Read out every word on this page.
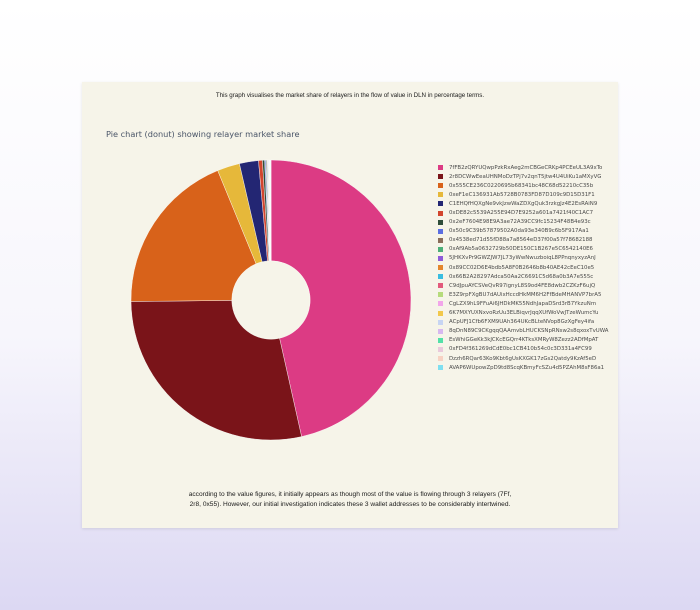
This graph visualises the market share of relayers in the flow of value in DLN in percentage terms.
Pie chart (donut) showing relayer market share
7fFB2zQRYUQwpPzkRxAeg2mCBGeCRKp4PCEeUL3A9xTo
2r8DCWwEeaUHNMoDzTPj7v2qnT5jtw4U4UiKu1aMXyVG
0x555CE236C0220695b68341bc48C68d52210cC35b
0xeF1eC136931Ab5728B0783FD87D109c9D15D31F1
C1EHQfHQXgNe9vkJzwWaZDXgQuk3rzkgJz4E2EsRAiN9
0xDE82c5539A255E94D7E9252a601a7421f40C1AC7
0x2eF7604E98E9A3ae72A39CC9fc15234F48B4e93c
0x50c9C39b57879502A0da93e340B9c6b5F917Aa1
0x4538ed71d55fD88a7a8564eD37f00a57f78682188
0xAf9Ab5a0632729b50DE150C1B267e5C6542140E6
5JHKXvPr9GWZJW7JL73yWwNwuzboiqL8PPnqnyxyzAnJ
0x89CC02D6E4bdb5A8F0B2646b8b40AE42cEeC10e5
0x66B2A28297Adca50Aa2C6691C5d68a0b3A7e555c
C9dJpuAYCSVeQvR97ignyL8S9od4FE8dwb2CZKzF6ujQ
E3Z9rpFXgBU7dAUixHccdHkMM6H2FfBdeMHANVP7brA5
CgLZX9hL9FFuAi6JHDkMK55NdhJapaDSrd3rB7YkzuNm
6K7MXYUXNxvoRzUu3ELBiqvrJqqXUfWoVwJTzeWumcYu
ACpUFJ1Cfb6FXM9UAh364UKcBLteNVop8GzXgFey4ifa
8qDnN89C9CKgqqQAAmvbLHUCKSNpRNsw2s8qxoxTvUWA
EsWhiGGeKk3kJCKcEGQrr4KTksXMRyW8Zezz2ADfMpAT
0xFD4f361269dCdE0bc1CB410b54c0c3D331a4FC99
Dzzh6RQar63Ko9Kbt6gUsKXGK17zGs2Qatdy9KzAf5eD
AVAP6WUpowZpD9td8ScqKBmyFcSZu4d5PZAhM8sF86a1
according to the value figures, it initially appears as though most of the value is flowing through 3 relayers (7Ff, 2r8, 0x55). However, our initial investigation indicates these 3 wallet addresses to be considerably intertwined.
